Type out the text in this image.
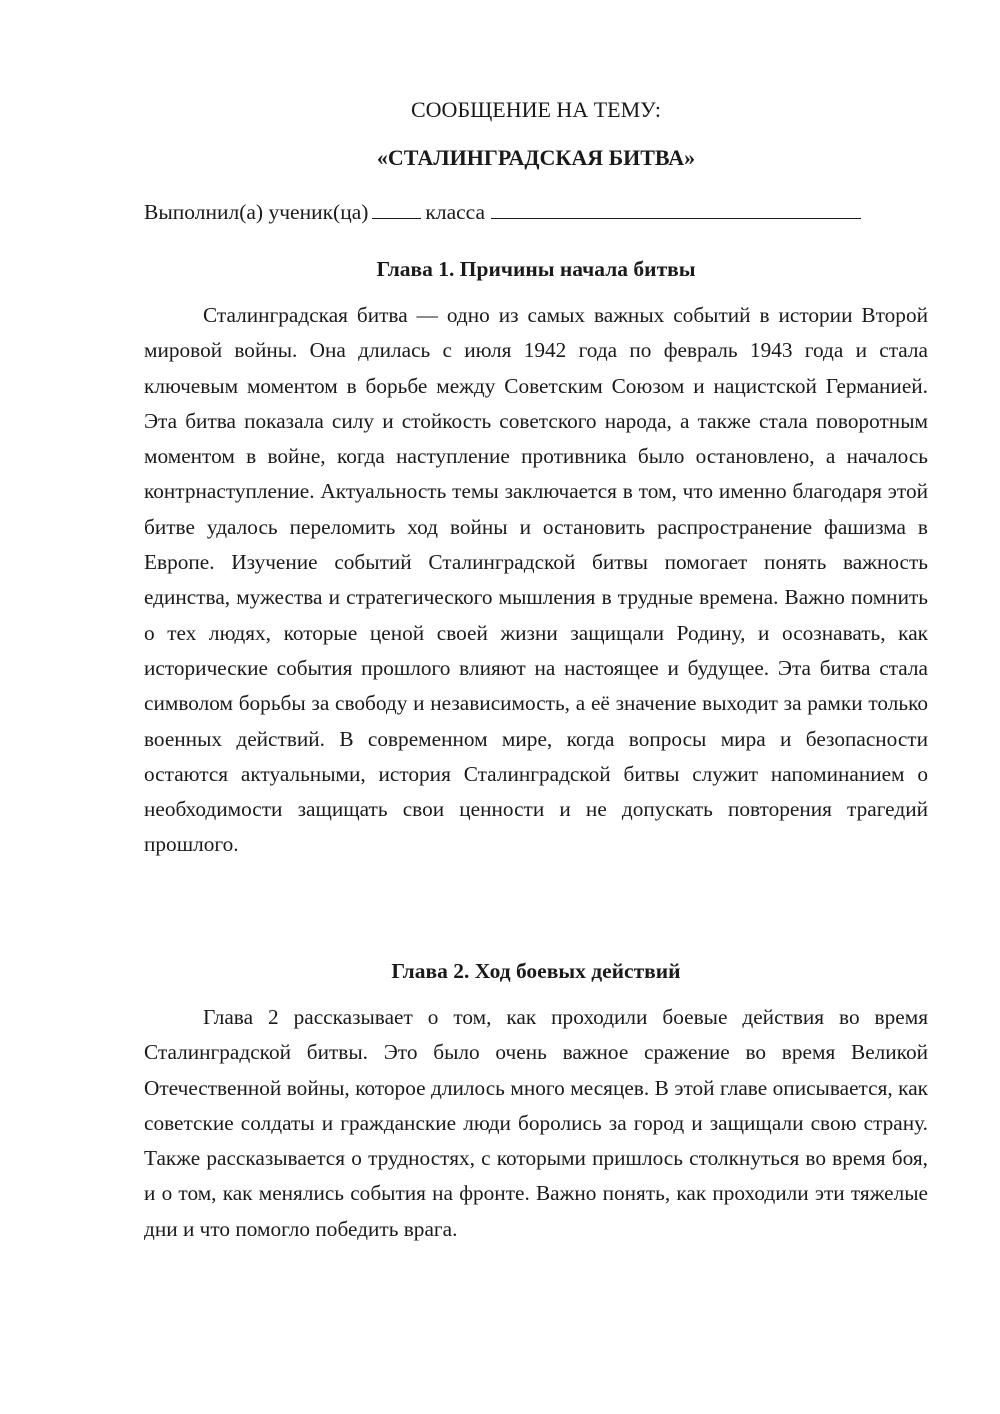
СООБЩЕНИЕ НА ТЕМУ:
«СТАЛИНГРАДСКАЯ БИТВА»
Выполнил(а) ученик(ца)	класса
Глава 1. Причины начала битвы

Сталинградская битва — одно из самых важных событий в истории Второй мировой войны. Она длилась с июля 1942 года по февраль 1943 года и стала ключевым моментом в борьбе между Советским Союзом и нацистской Германией. Эта битва показала силу и стойкость советского народа, а также стала поворотным моментом в войне, когда наступление противника было остановлено, а началось контрнаступление. Актуальность темы заключается в том, что именно благодаря этой битве удалось переломить ход войны и остановить распространение фашизма в Европе. Изучение событий Сталинградской битвы помогает понять важность единства, мужества и стратегического мышления в трудные времена. Важно помнить о тех людях, которые ценой своей жизни защищали Родину, и осознавать, как исторические события прошлого влияют на настоящее и будущее. Эта битва стала символом борьбы за свободу и независимость, а её значение выходит за рамки только военных действий. В современном мире, когда вопросы мира и безопасности остаются актуальными, история Сталинградской битвы служит напоминанием о необходимости защищать свои ценности и не допускать повторения трагедий прошлого.

Глава 2. Ход боевых действий

Глава 2 рассказывает о том, как проходили боевые действия во время Сталинградской битвы. Это было очень важное сражение во время Великой Отечественной войны, которое длилось много месяцев. В этой главе описывается, как советские солдаты и гражданские люди боролись за город и защищали свою страну. Также рассказывается о трудностях, с которыми пришлось столкнуться во время боя, и о том, как менялись события на фронте. Важно понять, как проходили эти тяжелые дни и что помогло победить врага.
